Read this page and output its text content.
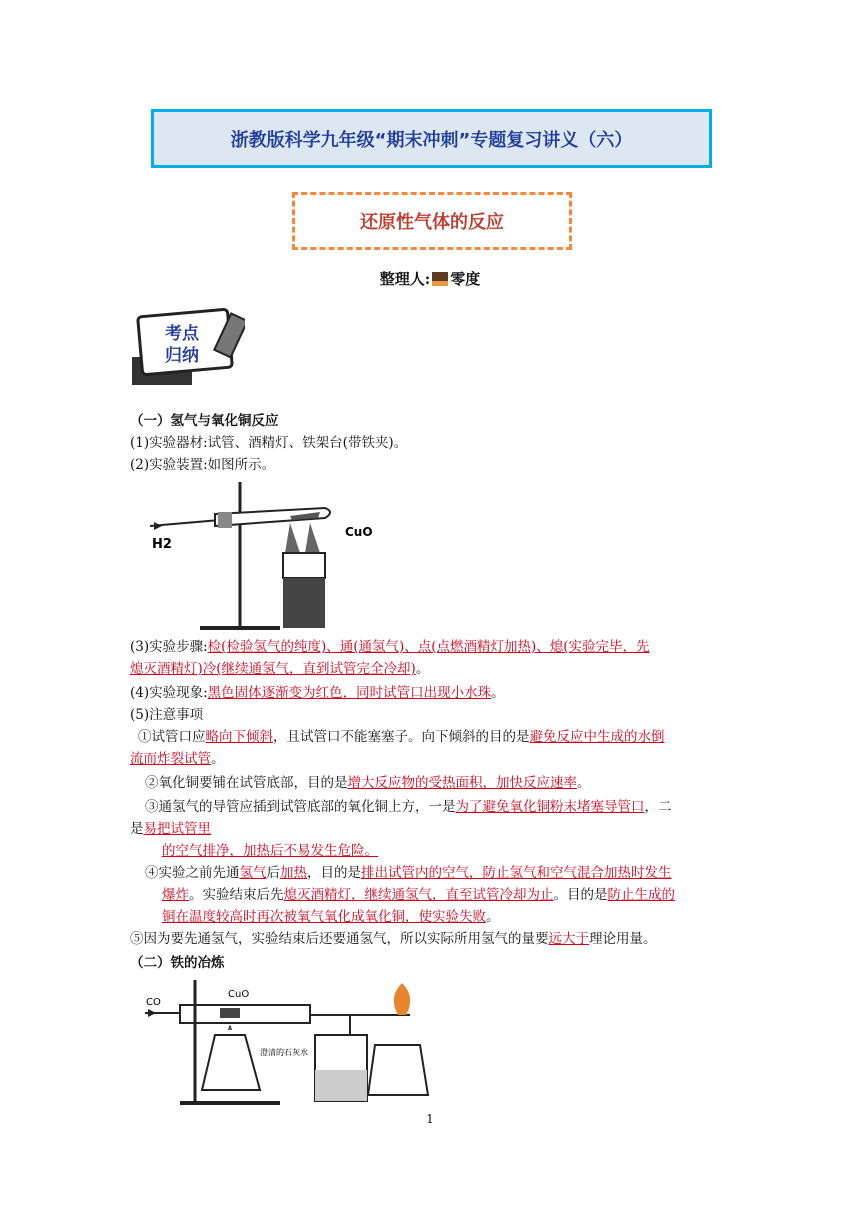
浙教版科学九年级“期末冲刺”专题复习讲义（六）
还原性气体的反应
整理人: 零度
考点
归纳
（一）氢气与氧化铜反应
(1)实验器材:试管、酒精灯、铁架台(带铁夹)。
(2)实验装置:如图所示。
H2
CuO
(3)实验步骤:检(检验氢气的纯度)、通(通氢气)、点(点燃酒精灯加热)、熄(实验完毕，先
熄灭酒精灯)冷(继续通氢气，直到试管完全冷却)。
(4)实验现象:黑色固体逐渐变为红色，同时试管口出现小水珠。
(5)注意事项
①试管口应略向下倾斜，且试管口不能塞塞子。向下倾斜的目的是避免反应中生成的水倒
流而炸裂试管。
②氧化铜要铺在试管底部，目的是增大反应物的受热面积，加快反应速率。
③通氢气的导管应插到试管底部的氧化铜上方，一是为了避免氧化铜粉末堵塞导管口，二
是易把试管里
的空气排净，加热后不易发生危险。
④实验之前先通氢气后加热，目的是排出试管内的空气，防止氢气和空气混合加热时发生
爆炸。实验结束后先熄灭酒精灯，继续通氢气，直至试管冷却为止。目的是防止生成的
铜在温度较高时再次被氧气氧化成氧化铜，使实验失败。
⑤因为要先通氢气，实验结束后还要通氢气，所以实际所用氢气的量要远大于理论用量。
（二）铁的冶炼
CuO
CO
澄清的石灰水
1
